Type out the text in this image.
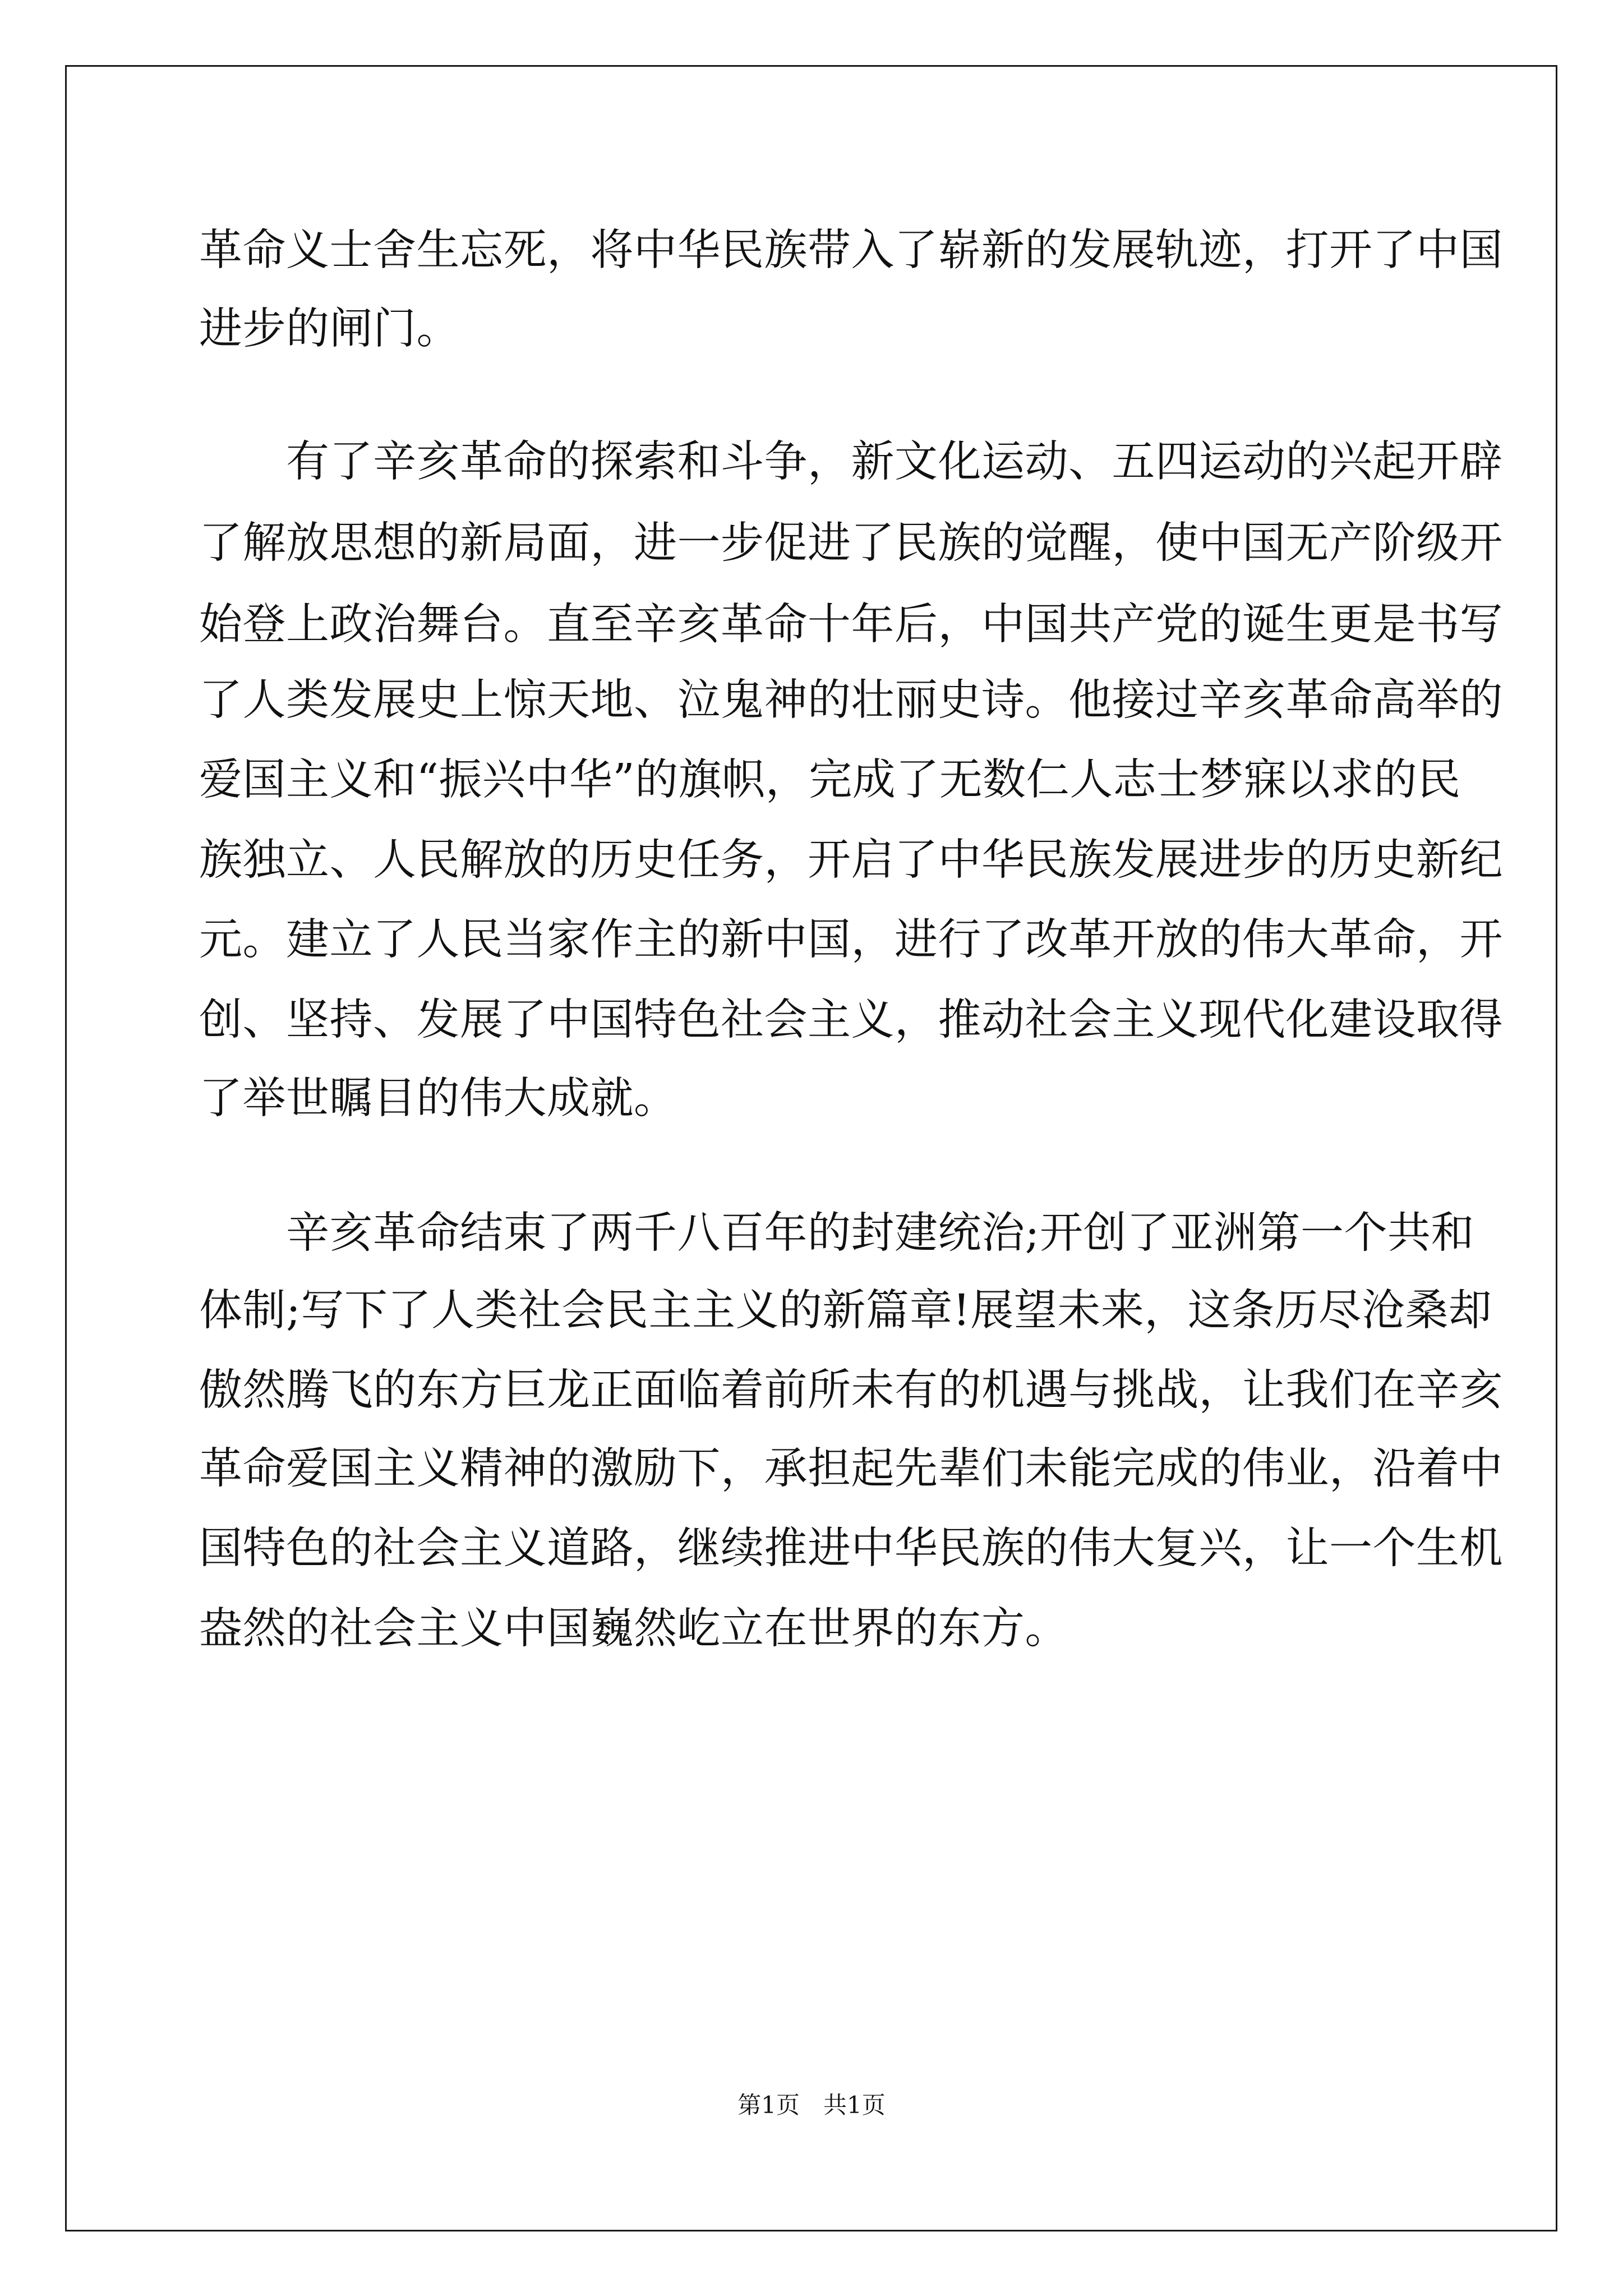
革命义士舍生忘死，将中华民族带入了崭新的发展轨迹，打开了中国

进步的闸门。

有了辛亥革命的探索和斗争，新文化运动、五四运动的兴起开辟

了解放思想的新局面，进一步促进了民族的觉醒，使中国无产阶级开

始登上政治舞台。直至辛亥革命十年后，中国共产党的诞生更是书写

了人类发展史上惊天地、泣鬼神的壮丽史诗。他接过辛亥革命高举的

爱国主义和“振兴中华”的旗帜，完成了无数仁人志士梦寐以求的民

族独立、人民解放的历史任务，开启了中华民族发展进步的历史新纪

元。建立了人民当家作主的新中国，进行了改革开放的伟大革命，开

创、坚持、发展了中国特色社会主义，推动社会主义现代化建设取得

了举世瞩目的伟大成就。

辛亥革命结束了两千八百年的封建统治;开创了亚洲第一个共和

体制;写下了人类社会民主主义的新篇章!展望未来，这条历尽沧桑却

傲然腾飞的东方巨龙正面临着前所未有的机遇与挑战，让我们在辛亥

革命爱国主义精神的激励下，承担起先辈们未能完成的伟业，沿着中

国特色的社会主义道路，继续推进中华民族的伟大复兴，让一个生机

盎然的社会主义中国巍然屹立在世界的东方。

第1页　共1页
